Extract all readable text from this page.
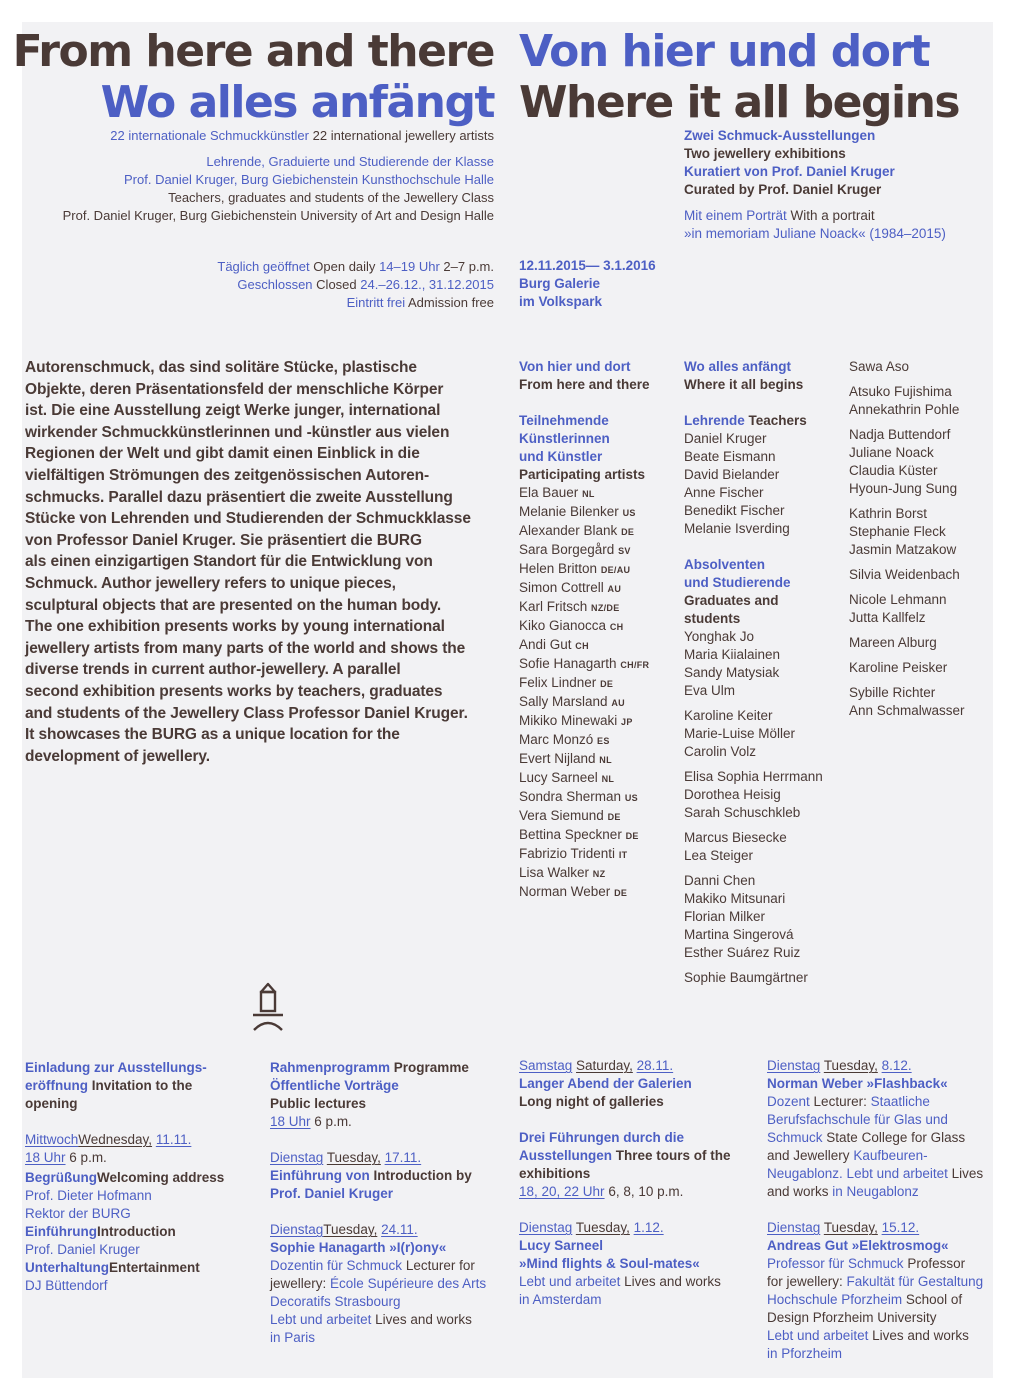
From here and there
Wo alles anfängt
Von hier und dort
Where it all begins
22 internationale Schmuckkünstler 22 international jewellery artists
Lehrende, Graduierte und Studierende der Klasse
Prof. Daniel Kruger, Burg Giebichenstein Kunsthochschule Halle
Teachers, graduates and students of the Jewellery Class
Prof. Daniel Kruger, Burg Giebichenstein University of Art and Design Halle
Täglich geöffnet Open daily 14–19 Uhr 2–7 p.m.
Geschlossen Closed 24.–26.12., 31.12.2015
Eintritt frei Admission free
Zwei Schmuck-Ausstellungen
Two jewellery exhibitions
Kuratiert von Prof. Daniel Kruger
Curated by Prof. Daniel Kruger
Mit einem Porträt With a portrait
»in memoriam Juliane Noack« (1984–2015)
12.11.2015— 3.1.2016
Burg Galerie
im Volkspark
Autorenschmuck, das sind solitäre Stücke, plastische
Objekte, deren Präsentationsfeld der menschliche Körper
ist. Die eine Ausstellung zeigt Werke junger, international
wirkender Schmuckkünstlerinnen und -künstler aus vielen
Regionen der Welt und gibt damit einen Einblick in die
vielfältigen Strömungen des zeitgenössischen Autoren-
schmucks. Parallel dazu präsentiert die zweite Ausstellung
Stücke von Lehrenden und Studierenden der Schmuckklasse
von Professor Daniel Kruger. Sie präsentiert die BURG
als einen einzigartigen Standort für die Entwicklung von
Schmuck. Author jewellery refers to unique pieces,
sculptural objects that are presented on the human body.
The one exhibition presents works by young international
jewellery artists from many parts of the world and shows the
diverse trends in current author-jewellery. A parallel
second exhibition presents works by teachers, graduates
and students of the Jewellery Class Professor Daniel Kruger.
It showcases the BURG as a unique location for the
development of jewellery.
Von hier und dort
From here and there
Teilnehmende
Künstlerinnen
und Künstler
Participating artists
Ela Bauer NL
Melanie Bilenker US
Alexander Blank DE
Sara Borgegård SV
Helen Britton DE/AU
Simon Cottrell AU
Karl Fritsch NZ/DE
Kiko Gianocca CH
Andi Gut CH
Sofie Hanagarth CH/FR
Felix Lindner DE
Sally Marsland AU
Mikiko Minewaki JP
Marc Monzó ES
Evert Nijland NL
Lucy Sarneel NL
Sondra Sherman US
Vera Siemund DE
Bettina Speckner DE
Fabrizio Tridenti IT
Lisa Walker NZ
Norman Weber DE
Wo alles anfängt
Where it all begins
Lehrende Teachers
Daniel Kruger
Beate Eismann
David Bielander
Anne Fischer
Benedikt Fischer
Melanie Isverding
Absolventen
und Studierende
Graduates and
students
Yonghak Jo
Maria Kiialainen
Sandy Matysiak
Eva Ulm
Karoline Keiter
Marie-Luise Möller
Carolin Volz
Elisa Sophia Herrmann
Dorothea Heisig
Sarah Schuschkleb
Marcus Biesecke
Lea Steiger
Danni Chen
Makiko Mitsunari
Florian Milker
Martina Singerová
Esther Suárez Ruiz
Sophie Baumgärtner
Sawa Aso
Atsuko Fujishima
Annekathrin Pohle
Nadja Buttendorf
Juliane Noack
Claudia Küster
Hyoun-Jung Sung
Kathrin Borst
Stephanie Fleck
Jasmin Matzakow
Silvia Weidenbach
Nicole Lehmann
Jutta Kallfelz
Mareen Alburg
Karoline Peisker
Sybille Richter
Ann Schmalwasser
Einladung zur Ausstellungs-
eröffnung Invitation to the
opening
MittwochWednesday, 11.11.
18 Uhr 6 p.m.
BegrüßungWelcoming address
Prof. Dieter Hofmann
Rektor der BURG
EinführungIntroduction
Prof. Daniel Kruger
UnterhaltungEntertainment
DJ Büttendorf
Rahmenprogramm Programme
Öffentliche Vorträge
Public lectures
18 Uhr 6 p.m.
Dienstag Tuesday, 17.11.
Einführung von Introduction by
Prof. Daniel Kruger
DienstagTuesday, 24.11.
Sophie Hanagarth »I(r)ony«
Dozentin für Schmuck Lecturer for
jewellery: École Supérieure des Arts
Decoratifs Strasbourg
Lebt und arbeitet Lives and works
in Paris
Samstag Saturday, 28.11.
Langer Abend der Galerien
Long night of galleries
Drei Führungen durch die
Ausstellungen Three tours of the
exhibitions
18, 20, 22 Uhr 6, 8, 10 p.m.
Dienstag Tuesday, 1.12.
Lucy Sarneel
»Mind flights & Soul-mates«
Lebt und arbeitet Lives and works
in Amsterdam
Dienstag Tuesday, 8.12.
Norman Weber »Flashback«
Dozent Lecturer: Staatliche
Berufsfachschule für Glas und
Schmuck State College for Glass
and Jewellery Kaufbeuren-
Neugablonz. Lebt und arbeitet Lives
and works in Neugablonz
Dienstag Tuesday, 15.12.
Andreas Gut »Elektrosmog«
Professor für Schmuck Professor
for jewellery: Fakultät für Gestaltung
Hochschule Pforzheim School of
Design Pforzheim University
Lebt und arbeitet Lives and works
in Pforzheim
